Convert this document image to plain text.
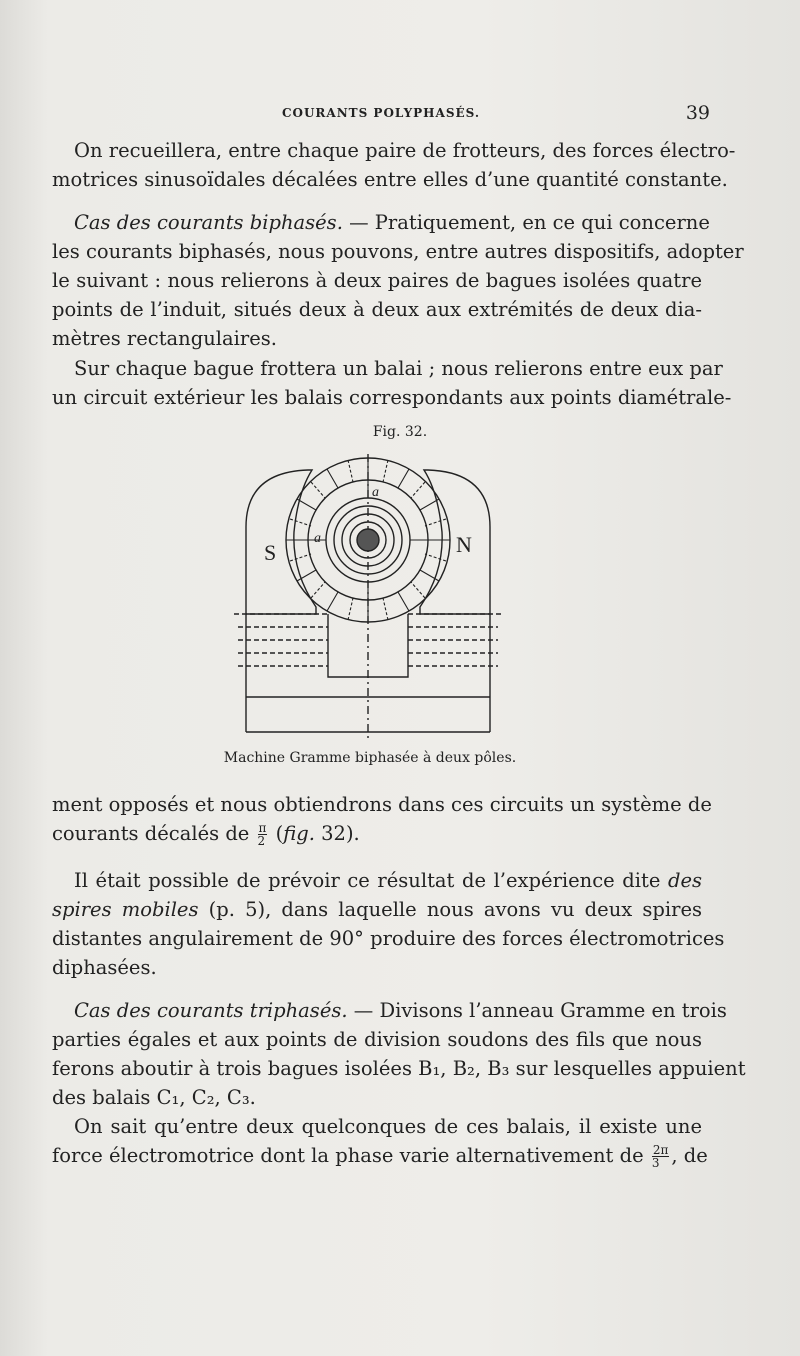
COURANTS POLYPHASÉS.	39
On recueillera, entre chaque paire de frotteurs, des forces électro-
motrices sinusoïdales décalées entre elles d’une quantité constante.
Cas des courants biphasés. — Pratiquement, en ce qui concerne
les courants biphasés, nous pouvons, entre autres dispositifs, adopter
le suivant : nous relierons à deux paires de bagues isolées quatre
points de l’induit, situés deux à deux aux extrémités de deux dia-
mètres rectangulaires.
Sur chaque bague frottera un balai ; nous relierons entre eux par
un circuit extérieur les balais correspondants aux points diamétrale-
Fig. 32.
S	N
a
a
Machine Gramme biphasée à deux pôles.
ment opposés et nous obtiendrons dans ces circuits un système de
courants décalés de $\frac{\pi}{2} (fig$. 32).
Il était possible de prévoir ce résultat de l’expérience dite des
spires mobiles (p. 5), dans laquelle nous avons vu deux spires
distantes angulairement de 90° produire des forces électromotrices
diphasées.
Cas des courants triphasés. — Divisons l’anneau Gramme en trois
parties égales et aux points de division soudons des fils que nous
ferons aboutir à trois bagues isolées B₁, B₂, B₃ sur lesquelles appuient
des balais C₁, C₂, C₃.
On sait qu’entre deux quelconques de ces balais, il existe une
force électromotrice dont la phase varie alternativement de $\frac{2\pi}{3}$ , de
